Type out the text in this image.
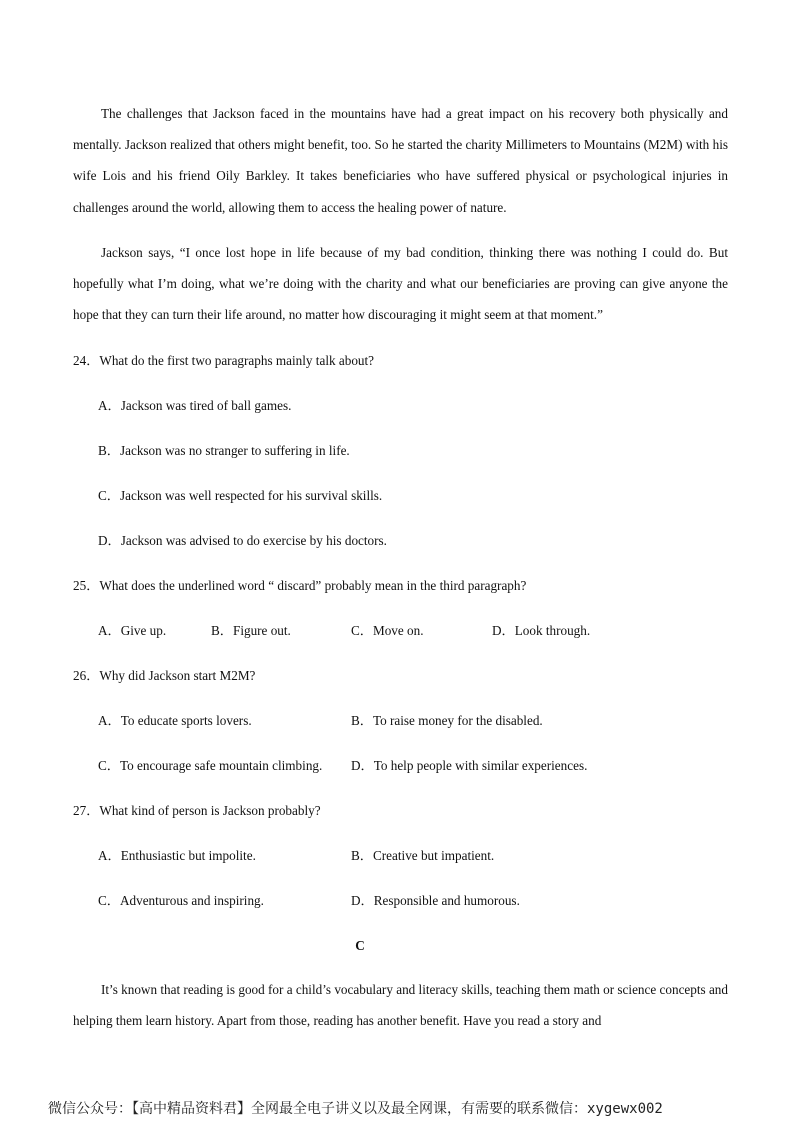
The challenges that Jackson faced in the mountains have had a great impact on his recovery both physically and mentally. Jackson realized that others might benefit, too. So he started the charity Millimeters to Mountains (M2M) with his wife Lois and his friend Oily Barkley. It takes beneficiaries who have suffered physical or psychological injuries in challenges around the world, allowing them to access the healing power of nature.

Jackson says, “I once lost hope in life because of my bad condition, thinking there was nothing I could do. But hopefully what I’m doing, what we’re doing with the charity and what our beneficiaries are proving can give anyone the hope that they can turn their life around, no matter how discouraging it might seem at that moment.”

24．What do the first two paragraphs mainly talk about?

A．Jackson was tired of ball games.

B．Jackson was no stranger to suffering in life.

C．Jackson was well respected for his survival skills.

D．Jackson was advised to do exercise by his doctors.

25．What does the underlined word “ discard” probably mean in the third paragraph?

A．Give up.	B．Figure out.	C．Move on.	D．Look through.

26．Why did Jackson start M2M?

A．To educate sports lovers.	B．To raise money for the disabled.

C．To encourage safe mountain climbing. D．To help people with similar experiences.

27．What kind of person is Jackson probably?

A．Enthusiastic but impolite.	B．Creative but impatient.

C．Adventurous and inspiring.	D．Responsible and humorous.

C

It’s known that reading is good for a child’s vocabulary and literacy skills, teaching them math or science concepts and helping them learn history. Apart from those, reading has another benefit. Have you read a story and

微信公众号：【高中精品资料君】全网最全电子讲义以及最全网课，有需要的联系微信：xygewx002
